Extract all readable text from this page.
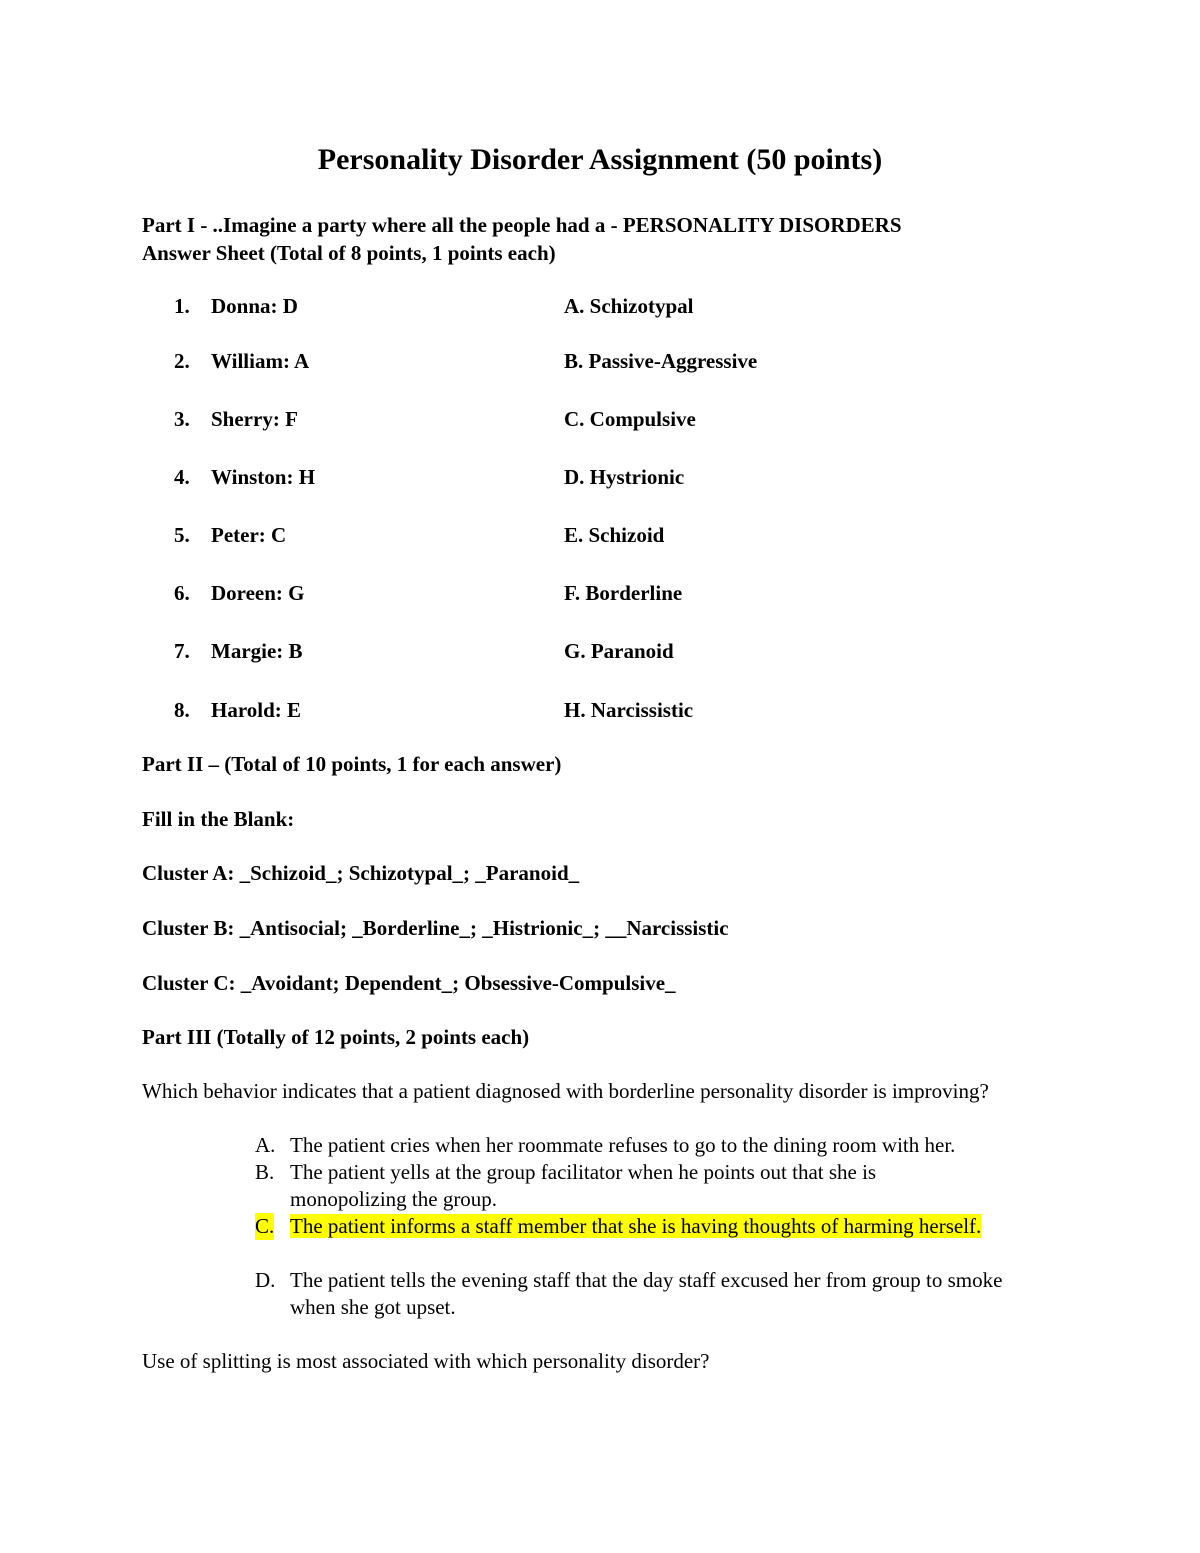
Personality Disorder Assignment (50 points)
Part I - ..Imagine a party where all the people had a - PERSONALITY DISORDERS
Answer Sheet (Total of 8 points, 1 points each)
1. Donna: D	A. Schizotypal
2. William: A	B. Passive-Aggressive
3. Sherry: F	C. Compulsive
4. Winston: H	D. Hystrionic
5. Peter: C	E. Schizoid
6. Doreen: G	F. Borderline
7. Margie: B	G. Paranoid
8. Harold: E	H. Narcissistic
Part II – (Total of 10 points, 1 for each answer)
Fill in the Blank:
Cluster A: _Schizoid_; Schizotypal_; _Paranoid_
Cluster B: _Antisocial; _Borderline_; _Histrionic_; __Narcissistic
Cluster C: _Avoidant; Dependent_; Obsessive-Compulsive_
Part III (Totally of 12 points, 2 points each)
Which behavior indicates that a patient diagnosed with borderline personality disorder is improving?
A. The patient cries when her roommate refuses to go to the dining room with her.
B. The patient yells at the group facilitator when he points out that she is monopolizing the group.
C. The patient informs a staff member that she is having thoughts of harming herself.
D. The patient tells the evening staff that the day staff excused her from group to smoke when she got upset.
Use of splitting is most associated with which personality disorder?
